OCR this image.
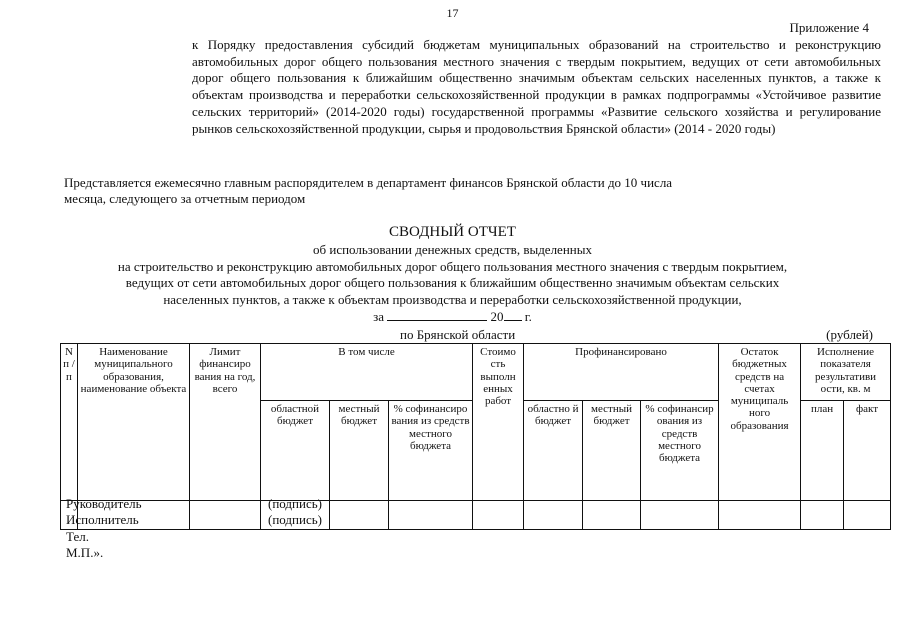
17
Приложение 4
к Порядку предоставления субсидий бюджетам муниципальных образований на строительство и реконструкцию автомобильных дорог общего пользования местного значения с твердым покрытием, ведущих от сети автомобильных дорог общего пользования к ближайшим общественно значимым объектам сельских населенных пунктов, а также к объектам производства и переработки сельскохозяйственной продукции в рамках подпрограммы «Устойчивое развитие сельских территорий» (2014-2020 годы) государственной программы «Развитие сельского хозяйства и регулирование рынков сельскохозяйственной продукции, сырья и продовольствия Брянской области» (2014 - 2020 годы)
Представляется ежемесячно главным распорядителем в департамент финансов Брянской области до 10 числа
месяца, следующего за отчетным периодом
СВОДНЫЙ ОТЧЕТ
об использовании денежных средств, выделенных
на строительство и реконструкцию автомобильных дорог общего пользования местного значения с твердым покрытием,
ведущих от сети автомобильных дорог общего пользования к ближайшим общественно значимым объектам сельских
населенных пунктов, а также к объектам производства и переработки сельскохозяйственной продукции,
за	20 г.
по Брянской области	(рублей)
N п / п	Наименование муниципального образования, наименование объекта	Лимит финансиро вания на год, всего	В том числе			Стоимо сть выполн енных работ	Профинансировано			Остаток бюджетных средств на счетах муниципаль ного образования	Исполнение показателя результативи ости, кв. м	
			областной бюджет	местный бюджет	% софинансиро вания из средств местного бюджета		областно й бюджет	местный бюджет	% софинансир ования из средств местного бюджета		план	факт

Руководитель	(подпись)
Исполнитель	(подпись)
Тел.
М.П.».
